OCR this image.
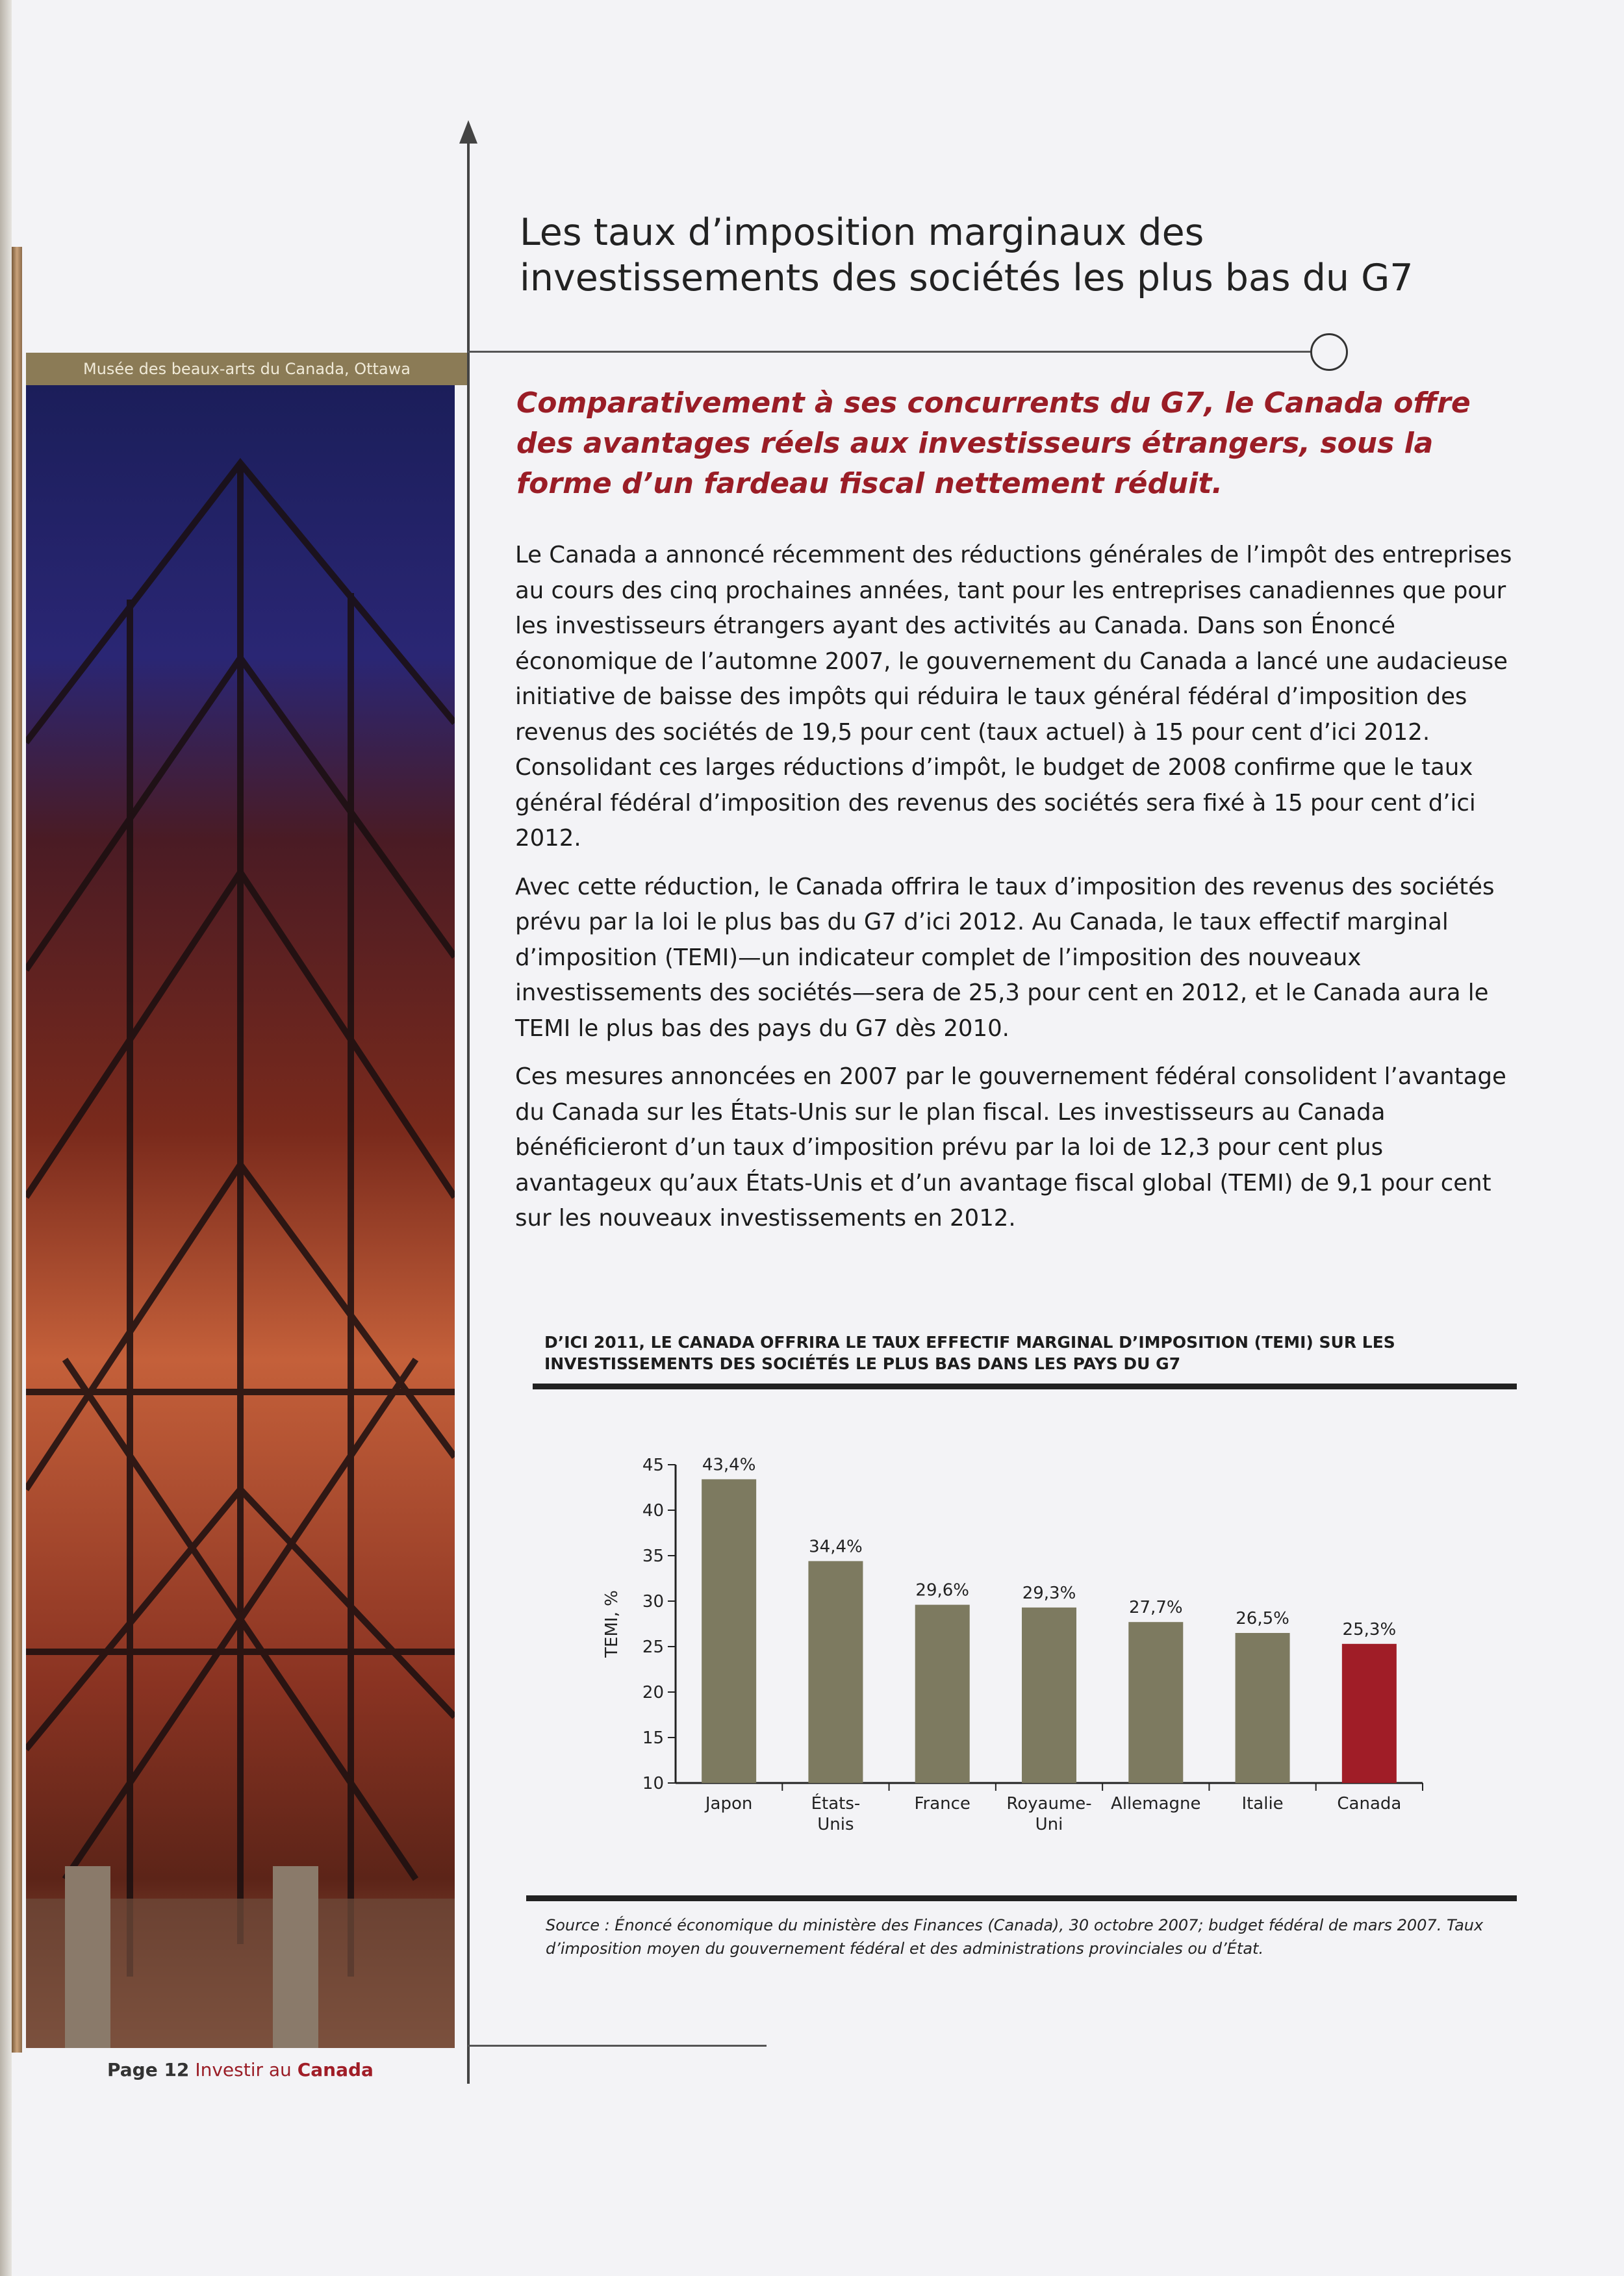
Musée des beaux-arts du Canada, Ottawa
Les taux d’imposition marginaux des investissements des sociétés les plus bas du G7
Comparativement à ses concurrents du G7, le Canada offre des avantages réels aux investisseurs étrangers, sous la forme d’un fardeau fiscal nettement réduit.

Le Canada a annoncé récemment des réductions générales de l’impôt des entreprises au cours des cinq prochaines années, tant pour les entreprises canadiennes que pour les investisseurs étrangers ayant des activités au Canada. Dans son Énoncé économique de l’automne 2007, le gouvernement du Canada a lancé une audacieuse initiative de baisse des impôts qui réduira le taux général fédéral d’imposition des revenus des sociétés de 19,5 pour cent (taux actuel) à 15 pour cent d’ici 2012. Consolidant ces larges réductions d’impôt, le budget de 2008 confirme que le taux général fédéral d’imposition des revenus des sociétés sera fixé à 15 pour cent d’ici 2012.

Avec cette réduction, le Canada offrira le taux d’imposition des revenus des sociétés prévu par la loi le plus bas du G7 d’ici 2012. Au Canada, le taux effectif marginal d’imposition (TEMI)—un indicateur complet de l’imposition des nouveaux investissements des sociétés—sera de 25,3 pour cent en 2012, et le Canada aura le TEMI le plus bas des pays du G7 dès 2010.

Ces mesures annoncées en 2007 par le gouvernement fédéral consolident l’avantage du Canada sur les États-Unis sur le plan fiscal. Les investisseurs au Canada bénéficieront d’un taux d’imposition prévu par la loi de 12,3 pour cent plus avantageux qu’aux États-Unis et d’un avantage fiscal global (TEMI) de 9,1 pour cent sur les nouveaux investissements en 2012.

D’ICI 2011, LE CANADA OFFRIRA LE TAUX EFFECTIF MARGINAL D’IMPOSITION (TEMI) SUR LES INVESTISSEMENTS DES SOCIÉTÉS LE PLUS BAS DANS LES PAYS DU G7
10
15
20
25
30
35
40
45
TEMI, %
43,4%
Japon
34,4%
États-
Unis
29,6%
France
29,3%
Royaume-
Uni
27,7%
Allemagne
26,5%
Italie
25,3%
Canada
Source : Énoncé économique du ministère des Finances (Canada), 30 octobre 2007; budget fédéral de mars 2007. Taux d’imposition moyen du gouvernement fédéral et des administrations provinciales ou d’État.
Page 12 Investir au Canada
